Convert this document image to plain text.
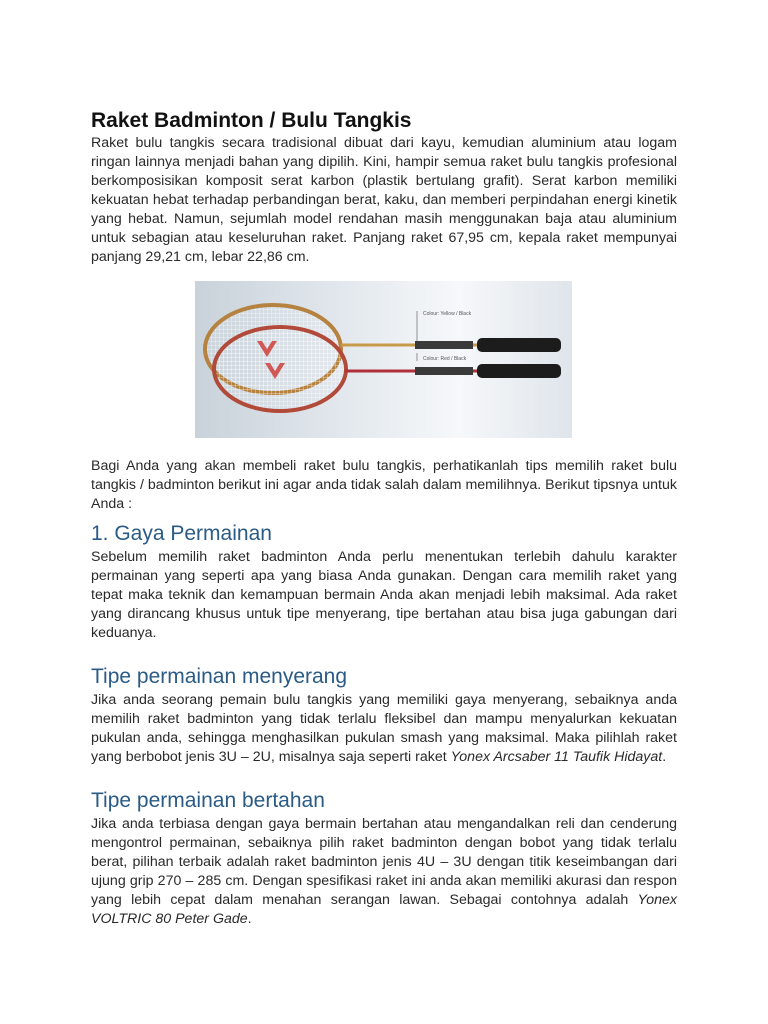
Raket Badminton / Bulu Tangkis

Raket bulu tangkis secara tradisional dibuat dari kayu, kemudian aluminium atau logam ringan lainnya menjadi bahan yang dipilih. Kini, hampir semua raket bulu tangkis profesional berkomposisikan komposit serat karbon (plastik bertulang grafit). Serat karbon memiliki kekuatan hebat terhadap perbandingan berat, kaku, dan memberi perpindahan energi kinetik yang hebat. Namun, sejumlah model rendahan masih menggunakan baja atau aluminium untuk sebagian atau keseluruhan raket. Panjang raket 67,95 cm, kepala raket mempunyai panjang 29,21 cm, lebar 22,86 cm.

Colour: Yellow / Black
Colour: Red / Black

Bagi Anda yang akan membeli raket bulu tangkis, perhatikanlah tips memilih raket bulu tangkis / badminton berikut ini agar anda tidak salah dalam memilihnya. Berikut tipsnya untuk Anda :

1. Gaya Permainan

Sebelum memilih raket badminton Anda perlu menentukan terlebih dahulu karakter permainan yang seperti apa yang biasa Anda gunakan. Dengan cara memilih raket yang tepat maka teknik dan kemampuan bermain Anda akan menjadi lebih maksimal. Ada raket yang dirancang khusus untuk tipe menyerang, tipe bertahan atau bisa juga gabungan dari keduanya.

Tipe permainan menyerang

Jika anda seorang pemain bulu tangkis yang memiliki gaya menyerang, sebaiknya anda memilih raket badminton yang tidak terlalu fleksibel dan mampu menyalurkan kekuatan pukulan anda, sehingga menghasilkan pukulan smash yang maksimal. Maka pilihlah raket yang berbobot jenis 3U – 2U, misalnya saja seperti raket Yonex Arcsaber 11 Taufik Hidayat.

Tipe permainan bertahan

Jika anda terbiasa dengan gaya bermain bertahan atau mengandalkan reli dan cenderung mengontrol permainan, sebaiknya pilih raket badminton dengan bobot yang tidak terlalu berat, pilihan terbaik adalah raket badminton jenis 4U – 3U dengan titik keseimbangan dari ujung grip 270 – 285 cm. Dengan spesifikasi raket ini anda akan memiliki akurasi dan respon yang lebih cepat dalam menahan serangan lawan. Sebagai contohnya adalah Yonex VOLTRIC 80 Peter Gade.
